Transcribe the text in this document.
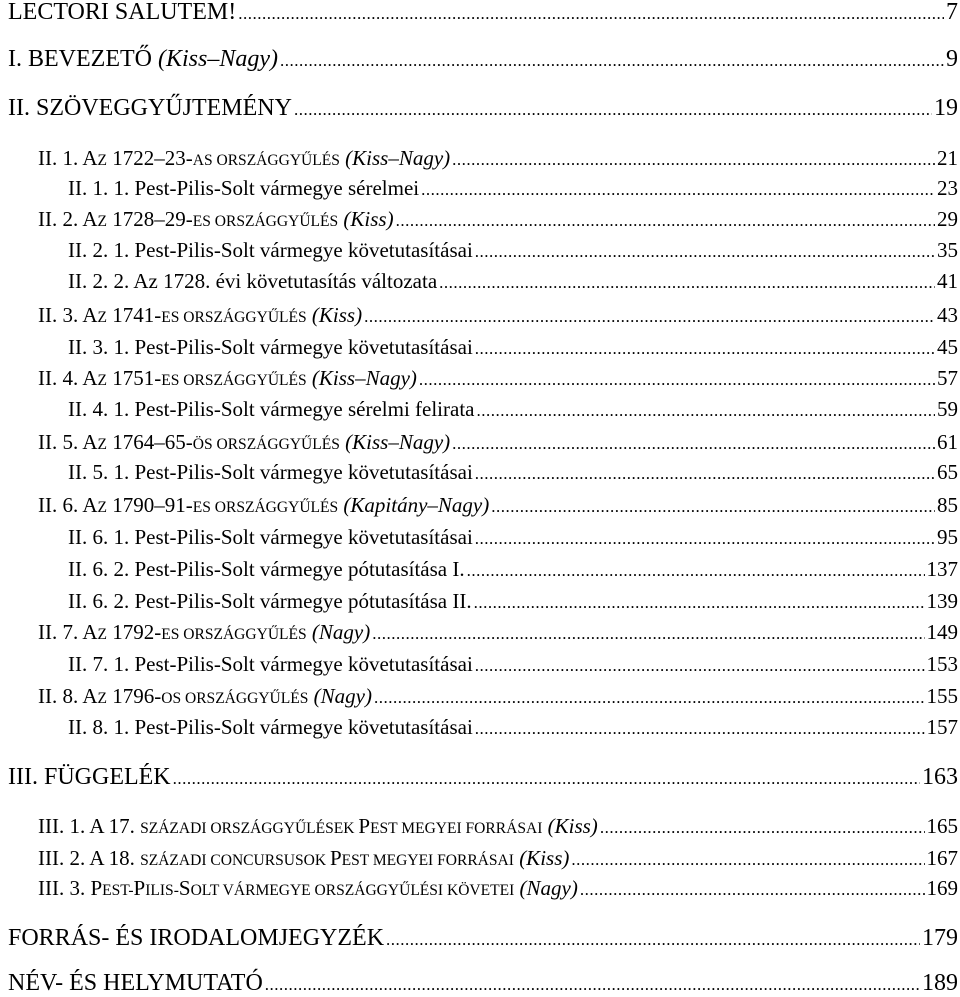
LECTORI SALUTEM! .....	7
I. BEVEZETŐ (Kiss–Nagy) .....	9
II. SZÖVEGGYŰJTEMÉNY .....	19
II. 1. AZ 1722–23-AS ORSZÁGGYŰLÉS (Kiss–Nagy) .....	21
II. 1. 1. Pest-Pilis-Solt vármegye sérelmei .....	23
II. 2. AZ 1728–29-ES ORSZÁGGYŰLÉS (Kiss) .....	29
II. 2. 1. Pest-Pilis-Solt vármegye követutasításai .....	35
II. 2. 2. Az 1728. évi követutasítás változata .....	41
II. 3. AZ 1741-ES ORSZÁGGYŰLÉS (Kiss) .....	43
II. 3. 1. Pest-Pilis-Solt vármegye követutasításai .....	45
II. 4. AZ 1751-ES ORSZÁGGYŰLÉS (Kiss–Nagy) .....	57
II. 4. 1. Pest-Pilis-Solt vármegye sérelmi felirata .....	59
II. 5. AZ 1764–65-ÖS ORSZÁGGYŰLÉS (Kiss–Nagy) .....	61
II. 5. 1. Pest-Pilis-Solt vármegye követutasításai .....	65
II. 6. AZ 1790–91-ES ORSZÁGGYŰLÉS (Kapitány–Nagy) .....	85
II. 6. 1. Pest-Pilis-Solt vármegye követutasításai .....	95
II. 6. 2. Pest-Pilis-Solt vármegye pótutasítása I. .....	137
II. 6. 2. Pest-Pilis-Solt vármegye pótutasítása II. .....	139
II. 7. AZ 1792-ES ORSZÁGGYŰLÉS (Nagy) .....	149
II. 7. 1. Pest-Pilis-Solt vármegye követutasításai .....	153
II. 8. AZ 1796-OS ORSZÁGGYŰLÉS (Nagy) .....	155
II. 8. 1. Pest-Pilis-Solt vármegye követutasításai .....	157
III. FÜGGELÉK .....	163
III. 1. A 17. SZÁZADI ORSZÁGGYŰLÉSEK PEST MEGYEI FORRÁSAI (Kiss) .....	165
III. 2. A 18. SZÁZADI CONCURSUSOK PEST MEGYEI FORRÁSAI (Kiss) .....	167
III. 3. PEST-PILIS-SOLT VÁRMEGYE ORSZÁGGYŰLÉSI KÖVETEI (Nagy) .....	169
FORRÁS- ÉS IRODALOMJEGYZÉK .....	179
NÉV- ÉS HELYMUTATÓ .....	189
